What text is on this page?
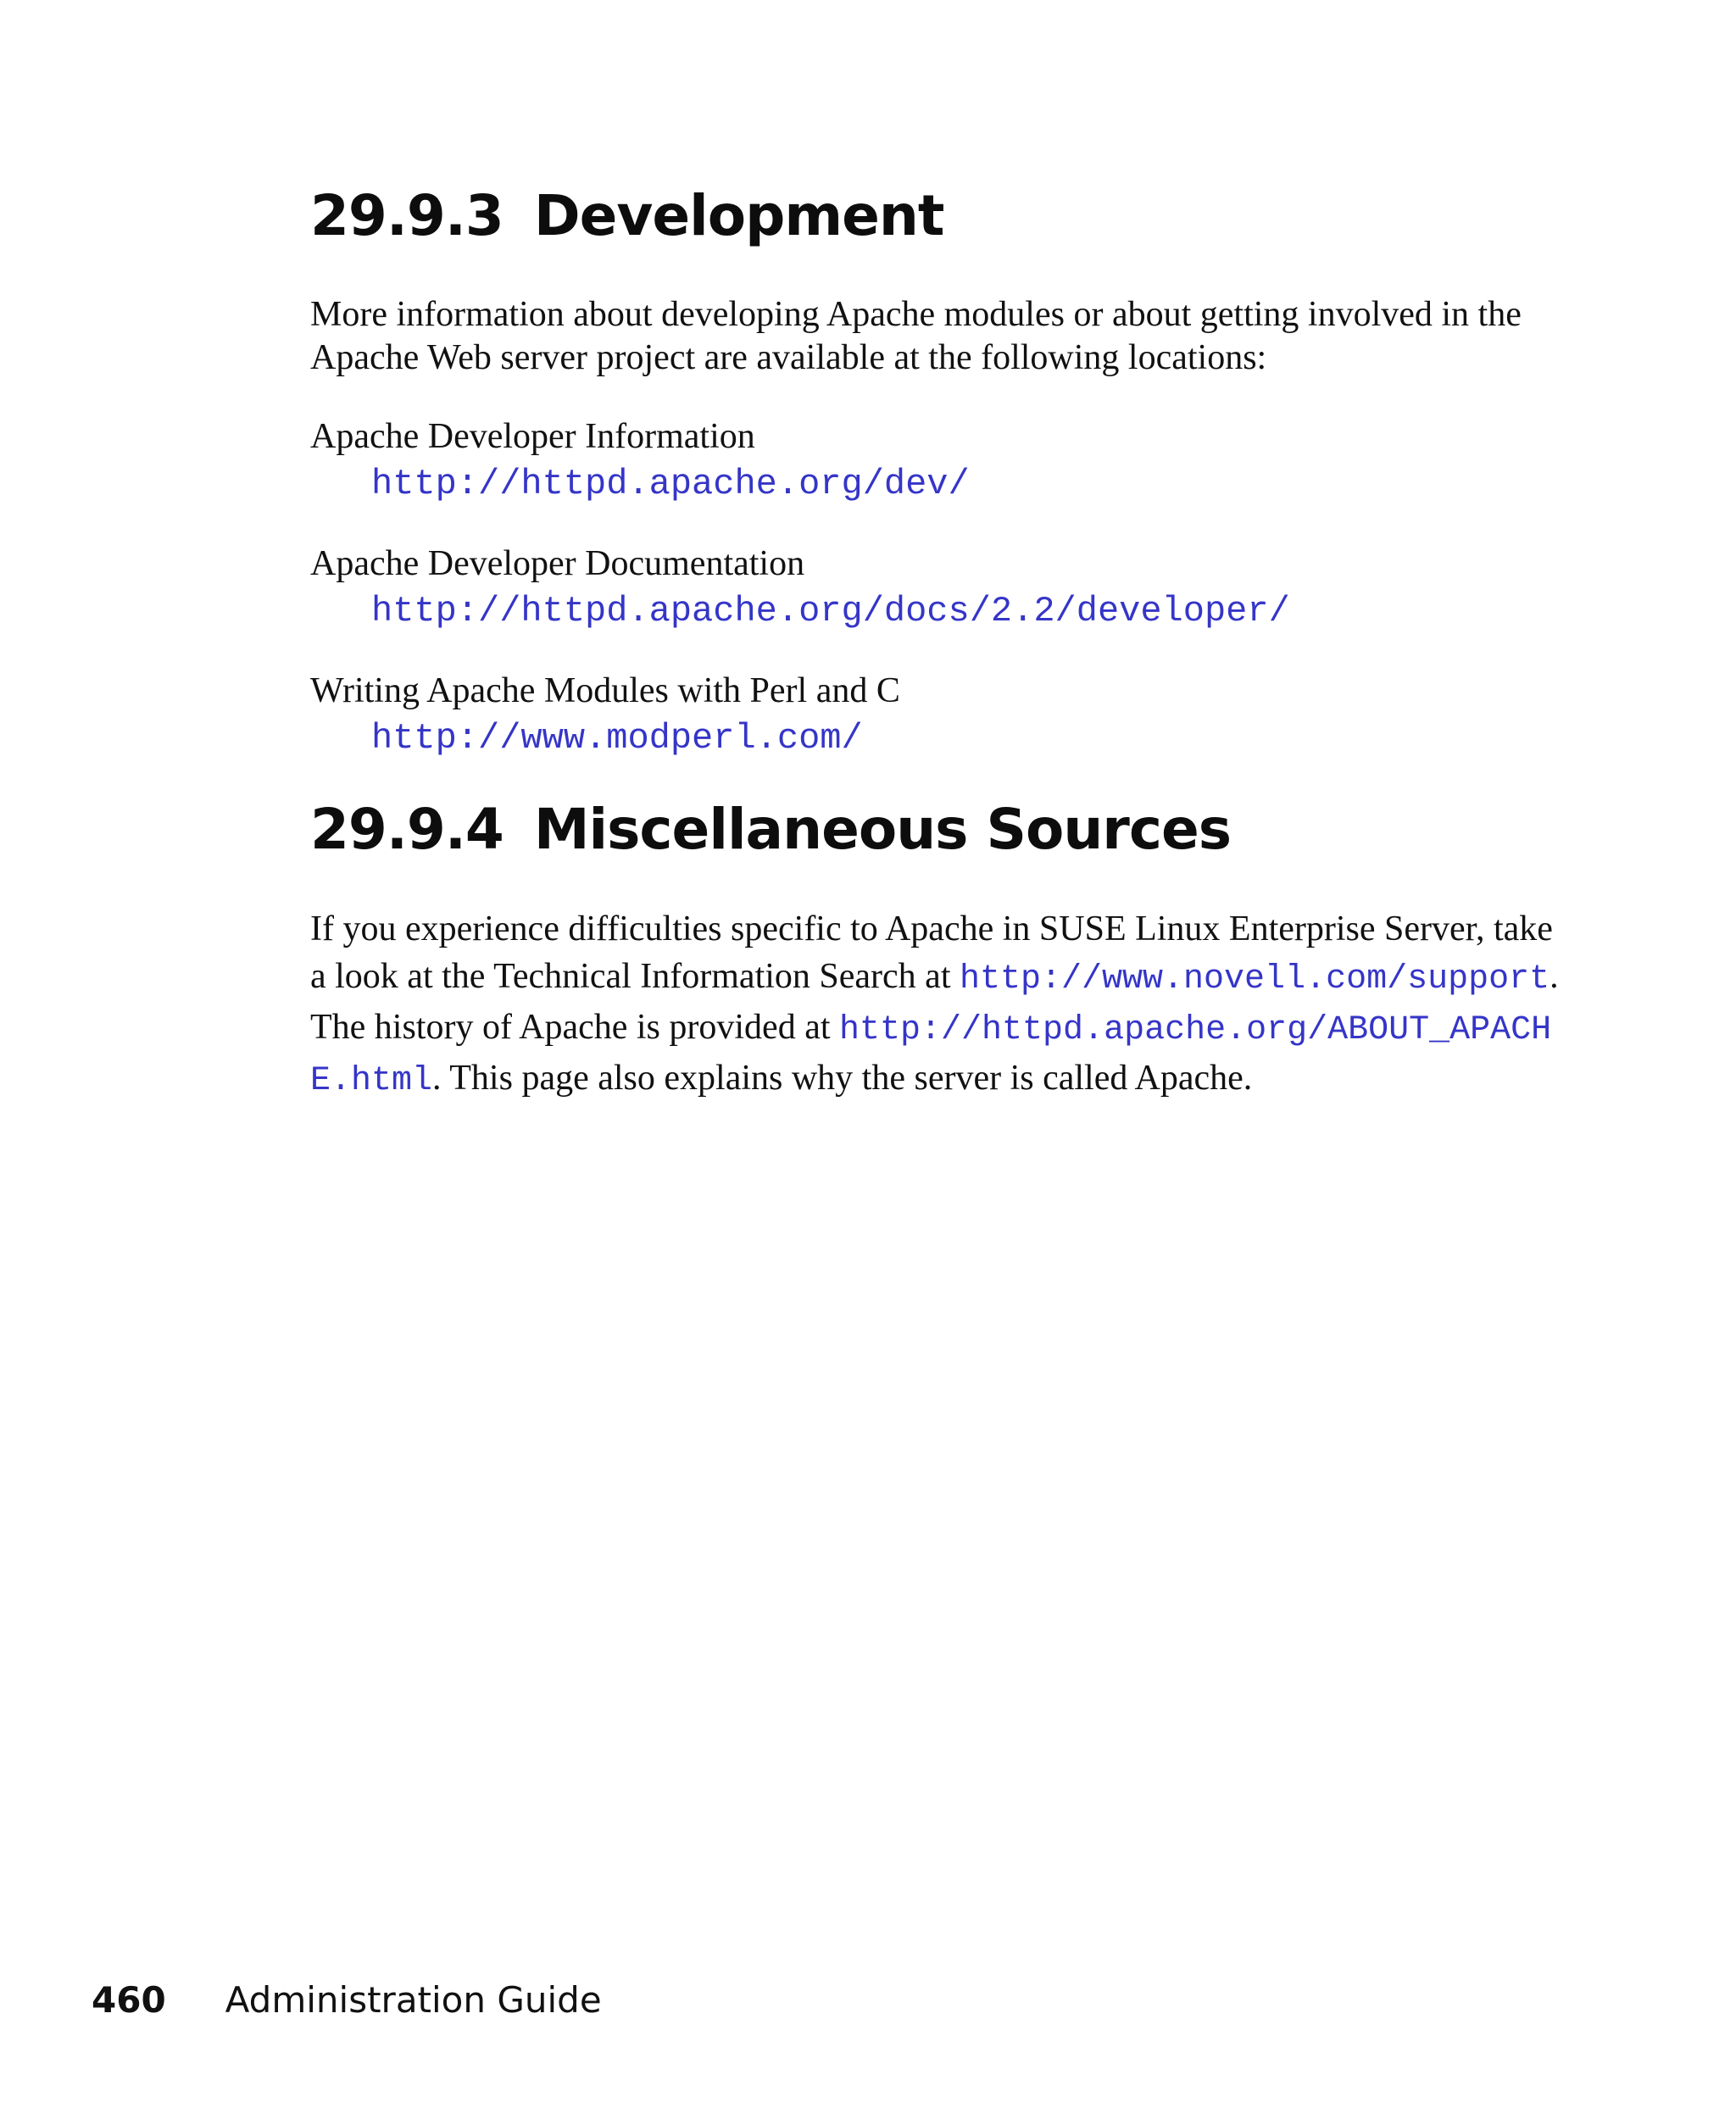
29.9.3 Development

More information about developing Apache modules or about getting involved in the Apache Web server project are available at the following locations:

Apache Developer Information
http://httpd.apache.org/dev/
Apache Developer Documentation
http://httpd.apache.org/docs/2.2/developer/
Writing Apache Modules with Perl and C
http://www.modperl.com/
29.9.4 Miscellaneous Sources

If you experience difficulties specific to Apache in SUSE Linux Enterprise Server, take a look at the Technical Information Search at http://www.novell.com/support. The history of Apache is provided at http://httpd.apache.org/ABOUT_APACHE.html. This page also explains why the server is called Apache.

460 Administration Guide
